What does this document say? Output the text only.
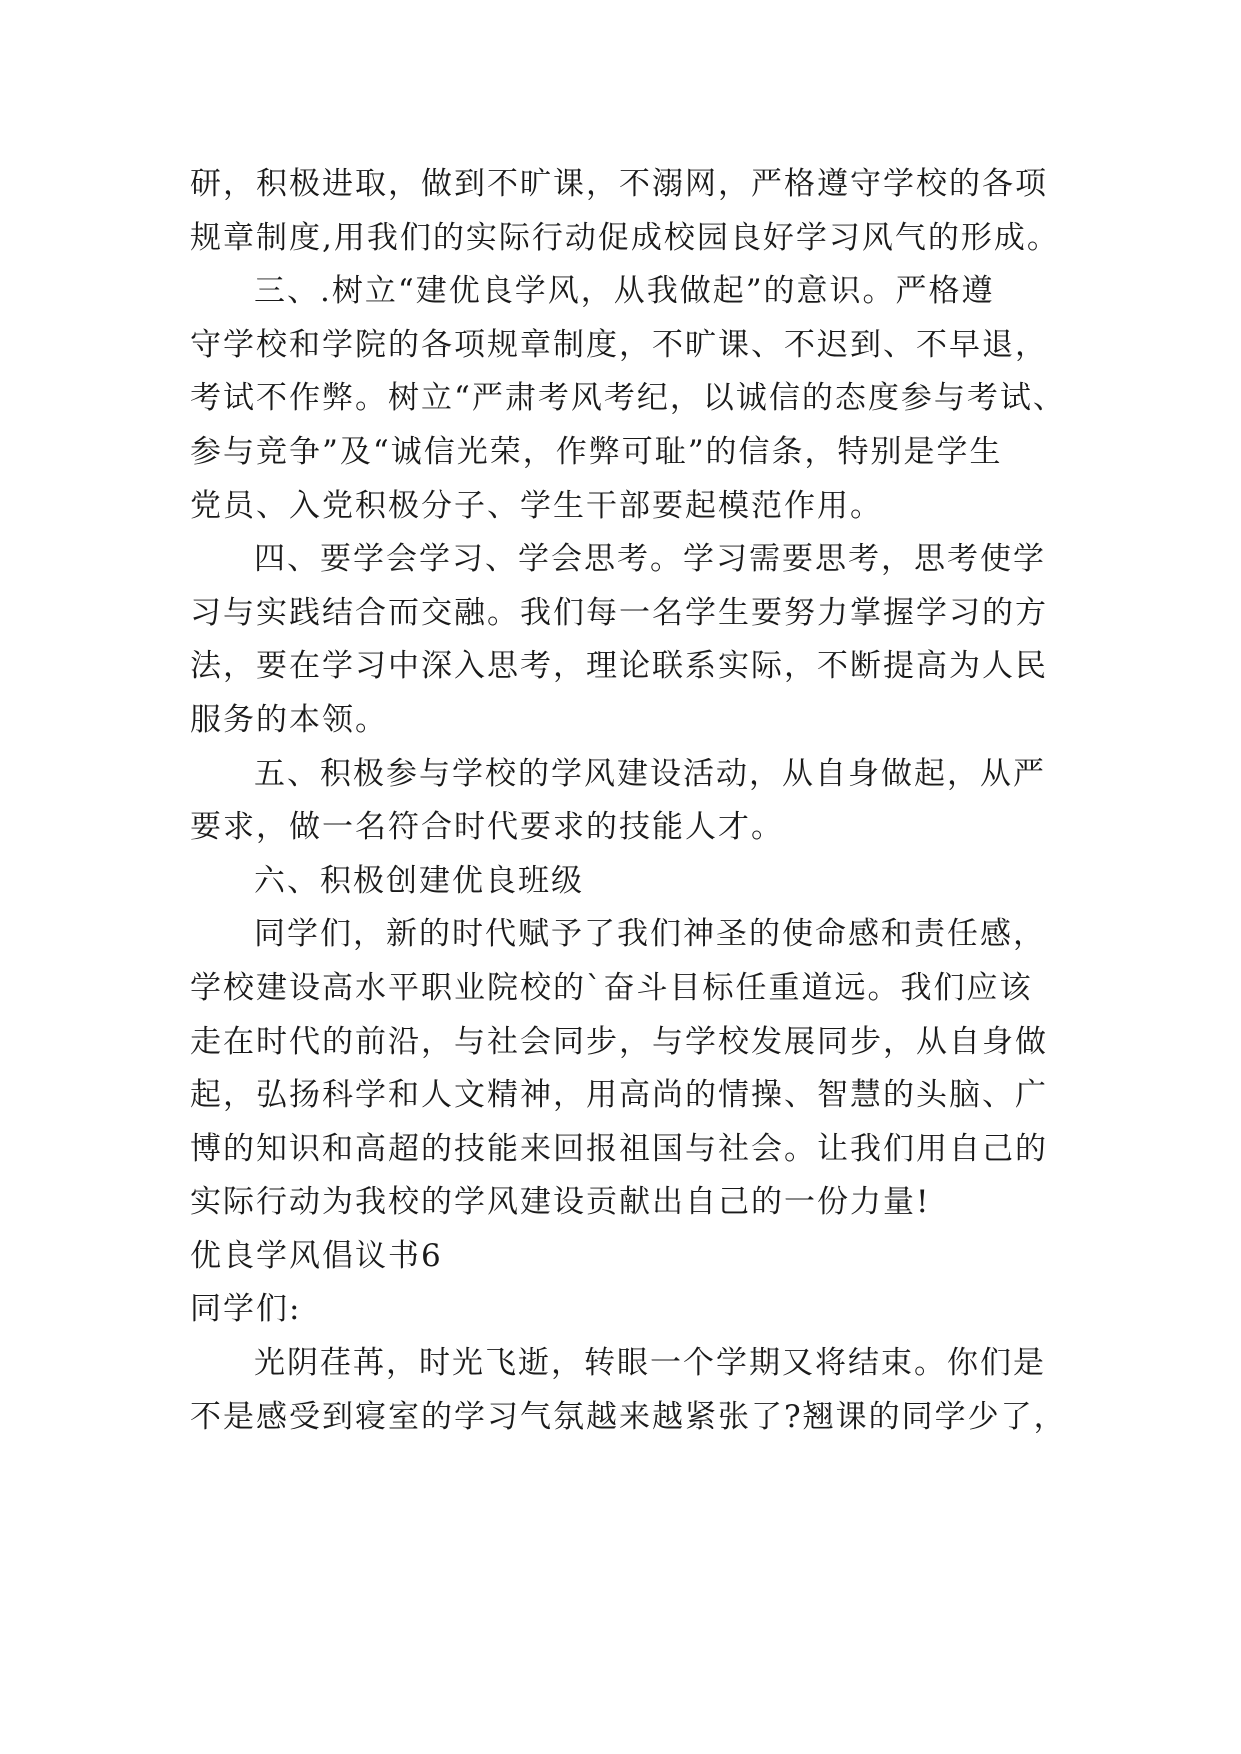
研，积极进取，做到不旷课，不溺网，严格遵守学校的各项
规章制度,用我们的实际行动促成校园良好学习风气的形成。
三、.树立“建优良学风，从我做起”的意识。严格遵
守学校和学院的各项规章制度，不旷课、不迟到、不早退，
考试不作弊。树立“严肃考风考纪，以诚信的态度参与考试、
参与竞争”及“诚信光荣，作弊可耻”的信条，特别是学生
党员、入党积极分子、学生干部要起模范作用。
四、要学会学习、学会思考。学习需要思考，思考使学
习与实践结合而交融。我们每一名学生要努力掌握学习的方
法，要在学习中深入思考，理论联系实际，不断提高为人民
服务的本领。
五、积极参与学校的学风建设活动，从自身做起，从严
要求，做一名符合时代要求的技能人才。
六、积极创建优良班级
同学们，新的时代赋予了我们神圣的使命感和责任感，
学校建设高水平职业院校的`奋斗目标任重道远。我们应该
走在时代的前沿，与社会同步，与学校发展同步，从自身做
起，弘扬科学和人文精神，用高尚的情操、智慧的头脑、广
博的知识和高超的技能来回报祖国与社会。让我们用自己的
实际行动为我校的学风建设贡献出自己的一份力量!
优良学风倡议书6
同学们:
光阴荏苒，时光飞逝，转眼一个学期又将结束。你们是
不是感受到寝室的学习气氛越来越紧张了?翘课的同学少了，
